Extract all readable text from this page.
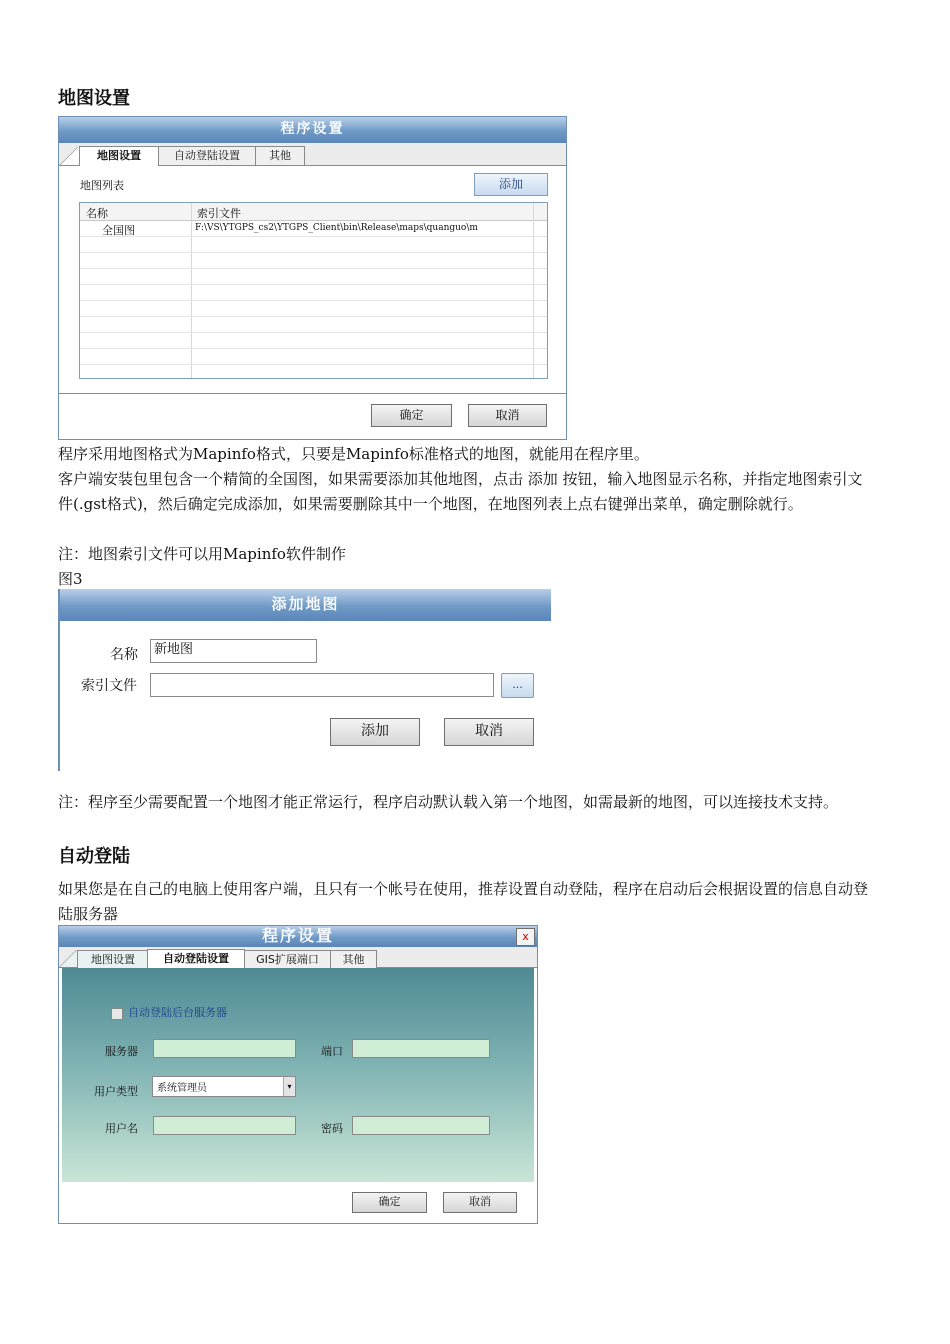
地图设置
程序设置
地图设置	自动登陆设置	其他
地图列表	添加
名称	索引文件
全国图	F:\VS\YTGPS_cs2\YTGPS_Client\bin\Release\maps\quanguo\m
确定	取消
程序采用地图格式为Mapinfo格式，只要是Mapinfo标准格式的地图，就能用在程序里。
客户端安装包里包含一个精简的全国图，如果需要添加其他地图，点击 添加 按钮，输入地图显示名称，并指定地图索引文件(.gst格式)，然后确定完成添加，如果需要删除其中一个地图，在地图列表上点右键弹出菜单，确定删除就行。
注：地图索引文件可以用Mapinfo软件制作
图3
添加地图
名称	新地图
索引文件	...
添加	取消
注：程序至少需要配置一个地图才能正常运行，程序启动默认载入第一个地图，如需最新的地图，可以连接技术支持。
自动登陆
如果您是在自己的电脑上使用客户端，且只有一个帐号在使用，推荐设置自动登陆，程序在启动后会根据设置的信息自动登陆服务器
程序设置	x
地图设置	自动登陆设置	GIS扩展端口	其他
自动登陆后台服务器
服务器	端口
用户类型 系统管理员	▾
用户名	密码
确定	取消
